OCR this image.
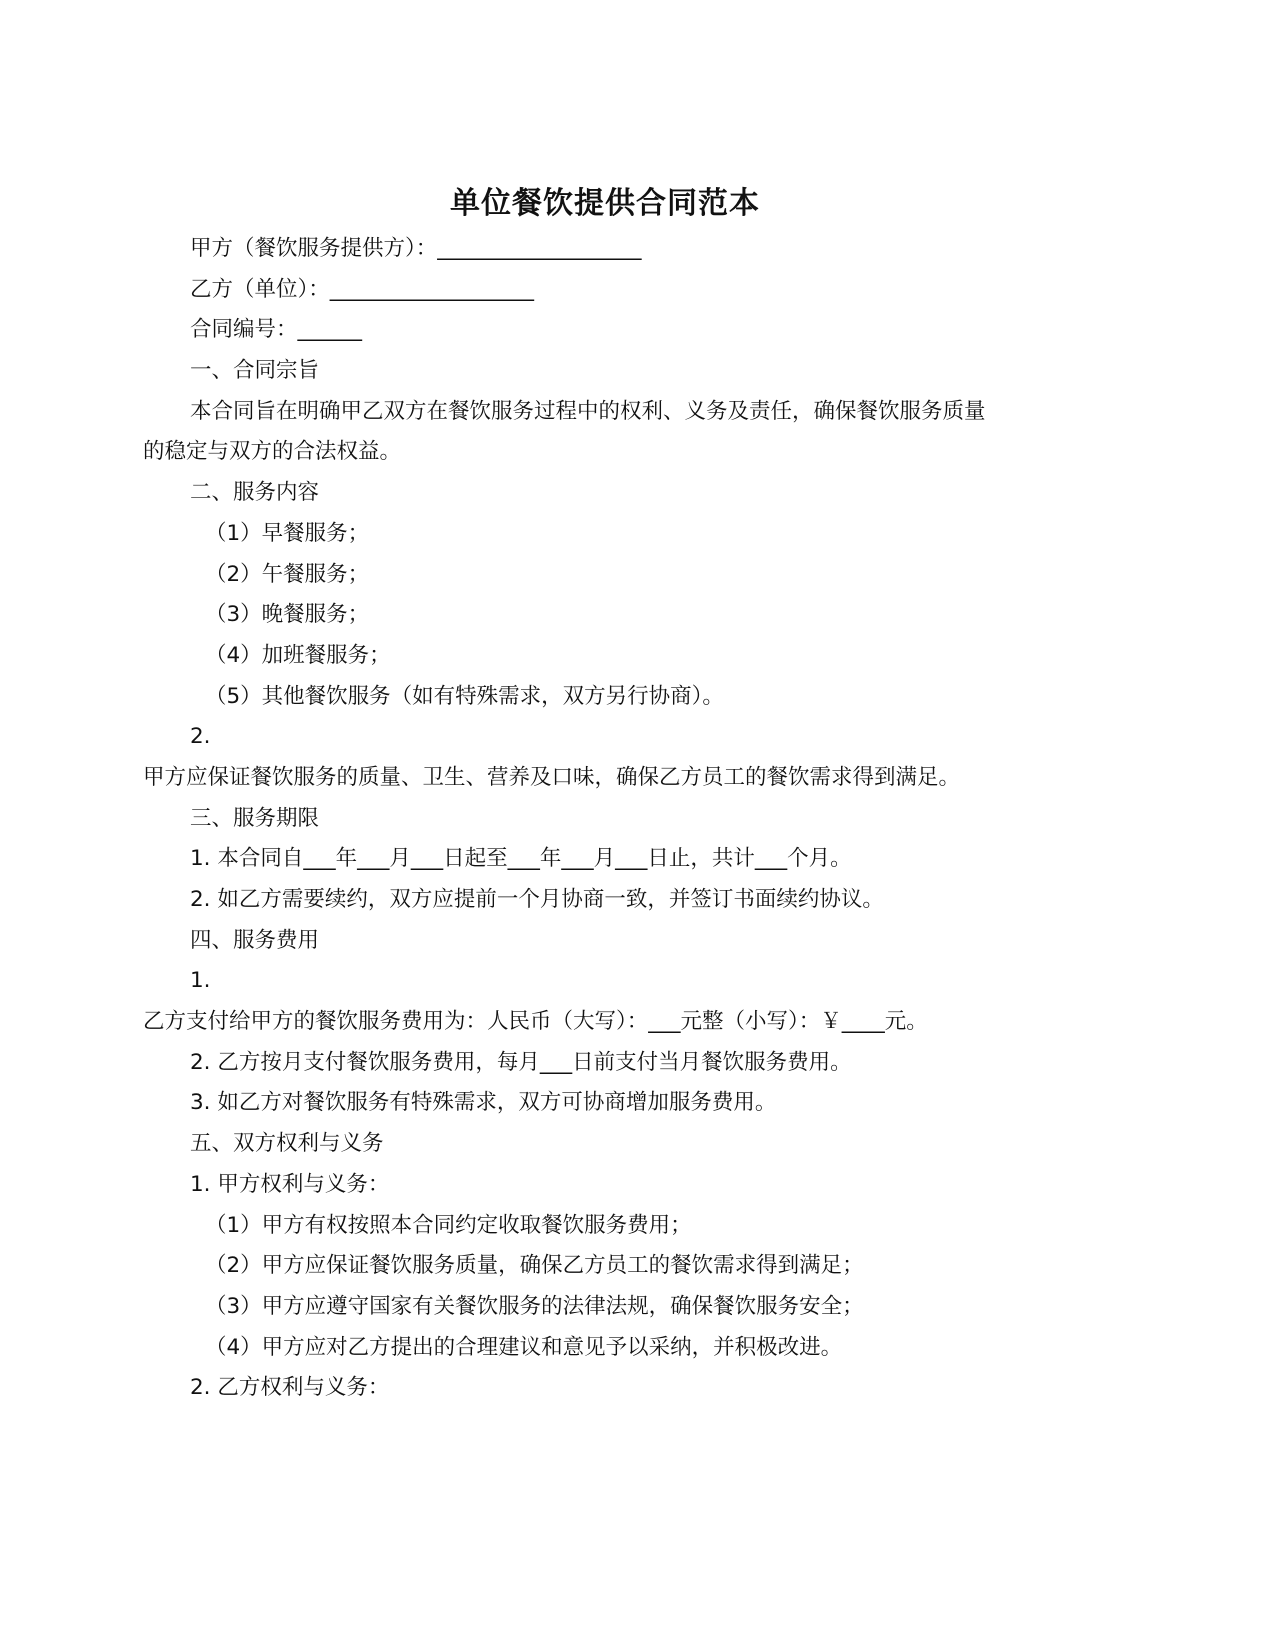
单位餐饮提供合同范本
甲方（餐饮服务提供方）：___________________
乙方（单位）：___________________
合同编号：______
一、合同宗旨
本合同旨在明确甲乙双方在餐饮服务过程中的权利、义务及责任，确保餐饮服务质量
的稳定与双方的合法权益。
二、服务内容
（1）早餐服务；
（2）午餐服务；
（3）晚餐服务；
（4）加班餐服务；
（5）其他餐饮服务（如有特殊需求，双方另行协商）。
2.
甲方应保证餐饮服务的质量、卫生、营养及口味，确保乙方员工的餐饮需求得到满足。
三、服务期限
1. 本合同自___年___月___日起至___年___月___日止，共计___个月。
2. 如乙方需要续约，双方应提前一个月协商一致，并签订书面续约协议。
四、服务费用
1.
乙方支付给甲方的餐饮服务费用为：人民币（大写）：___元整（小写）：￥____元。
2. 乙方按月支付餐饮服务费用，每月___日前支付当月餐饮服务费用。
3. 如乙方对餐饮服务有特殊需求，双方可协商增加服务费用。
五、双方权利与义务
1. 甲方权利与义务：
（1）甲方有权按照本合同约定收取餐饮服务费用；
（2）甲方应保证餐饮服务质量，确保乙方员工的餐饮需求得到满足；
（3）甲方应遵守国家有关餐饮服务的法律法规，确保餐饮服务安全；
（4）甲方应对乙方提出的合理建议和意见予以采纳，并积极改进。
2. 乙方权利与义务：
